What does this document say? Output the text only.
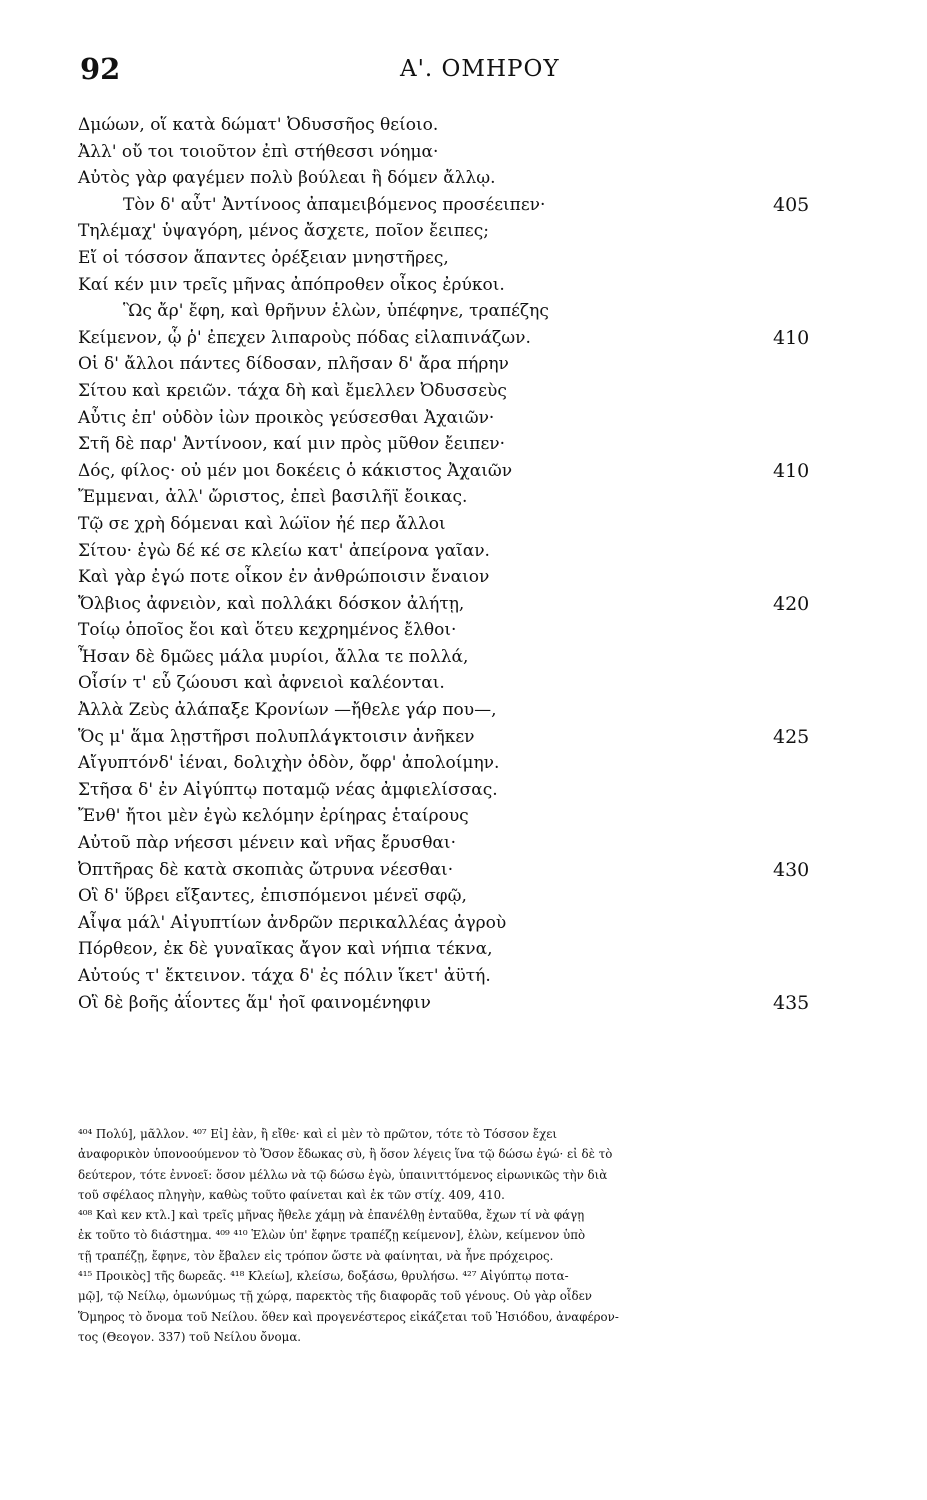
92	Α'. ΟΜΗΡΟΥ
Δμώων, οἵ κατὰ δώματ' Ὀδυσσῆος θείοιο.
Ἀλλ' οὔ τοι τοιοῦτον ἐπὶ στήθεσσι νόημα·
Αὐτὸς γὰρ φαγέμεν πολὺ βούλεαι ἢ δόμεν ἄλλῳ.
Τὸν δ' αὖτ' Ἀντίνοος ἀπαμειβόμενος προσέειπεν·	405
Τηλέμαχ' ὑψαγόρη, μένος ἄσχετε, ποῖον ἔειπες;
Εἴ οἱ τόσσον ἅπαντες ὀρέξειαν μνηστῆρες,
Καί κέν μιν τρεῖς μῆνας ἀπόπροθεν οἶκος ἐρύκοι.
Ὣς ἄρ' ἔφη, καὶ θρῆνυν ἑλὼν, ὑπέφηνε, τραπέζης
Κείμενον, ᾧ ῥ' ἐπεχεν λιπαροὺς πόδας εἰλαπινάζων.	410
Οἱ δ' ἄλλοι πάντες δίδοσαν, πλῆσαν δ' ἄρα πήρην
Σίτου καὶ κρειῶν. τάχα δὴ καὶ ἔμελλεν Ὀδυσσεὺς
Αὖτις ἐπ' οὐδὸν ἰὼν προικὸς γεύσεσθαι Ἀχαιῶν·
Στῆ δὲ παρ' Ἀντίνοον, καί μιν πρὸς μῦθον ἔειπεν·
Δός, φίλος· οὐ μέν μοι δοκέεις ὁ κάκιστος Ἀχαιῶν	410
Ἔμμεναι, ἀλλ' ὤριστος, ἐπεὶ βασιλῆϊ ἔοικας.
Τῷ σε χρὴ δόμεναι καὶ λώϊον ἠέ περ ἄλλοι
Σίτου· ἐγὼ δέ κέ σε κλείω κατ' ἀπείρονα γαῖαν.
Καὶ γὰρ ἐγώ ποτε οἶκον ἐν ἀνθρώποισιν ἔναιον
Ὄλβιος ἀφνειὸν, καὶ πολλάκι δόσκον ἀλήτῃ,	420
Τοίῳ ὁποῖος ἔοι καὶ ὅτευ κεχρημένος ἔλθοι·
Ἦσαν δὲ δμῶες μάλα μυρίοι, ἄλλα τε πολλά,
Οἷσίν τ' εὖ ζώουσι καὶ ἀφνειοὶ καλέονται.
Ἀλλὰ Ζεὺς ἀλάπαξε Κρονίων —ἤθελε γάρ που—,
Ὅς μ' ἅμα λῃστῆρσι πολυπλάγκτοισιν ἀνῆκεν	425
Αἴγυπτόνδ' ἰέναι, δολιχὴν ὁδὸν, ὄφρ' ἀπολοίμην.
Στῆσα δ' ἐν Αἰγύπτῳ ποταμῷ νέας ἀμφιελίσσας.
Ἔνθ' ἤτοι μὲν ἐγὼ κελόμην ἐρίηρας ἑταίρους
Αὐτοῦ πὰρ νήεσσι μένειν καὶ νῆας ἔρυσθαι·
Ὀπτῆρας δὲ κατὰ σκοπιὰς ὤτρυνα νέεσθαι·	430
Οἳ δ' ὕβρει εἴξαντες, ἐπισπόμενοι μένεϊ σφῷ,
Αἶψα μάλ' Αἰγυπτίων ἀνδρῶν περικαλλέας ἀγροὺ
Πόρθεον, ἐκ δὲ γυναῖκας ἄγον καὶ νήπια τέκνα,
Αὐτούς τ' ἔκτεινον. τάχα δ' ἐς πόλιν ἵκετ' ἀϋτή.
Οἳ δὲ βοῆς ἀΐοντες ἅμ' ἠοῖ φαινομένηφιν	435
⁴⁰⁴ Πολύ], μᾶλλον. ⁴⁰⁷ Εἰ] ἐὰν, ἢ εἴθε· καὶ εἰ μὲν τὸ πρῶτον, τότε τὸ Τόσσον ἔχει
ἀναφορικὸν ὑπονοούμενον τὸ Ὅσον ἔδωκας σὺ, ἢ ὅσον λέγεις ἵνα τῷ δώσω ἐγώ· εἰ δὲ τὸ
δεύτερον, τότε ἐννοεῖ: ὅσον μέλλω νὰ τῷ δώσω ἐγὼ, ὑπαινιττόμενος εἰρωνικῶς τὴν διὰ
τοῦ σφέλαος πληγὴν, καθὼς τοῦτο φαίνεται καὶ ἐκ τῶν στίχ. 409, 410.
⁴⁰⁸ Καὶ κεν κτλ.] καὶ τρεῖς μῆνας ἤθελε χάμῃ νὰ ἐπανέλθῃ ἐνταῦθα, ἔχων τί νὰ φάγῃ
ἐκ τοῦτο τὸ διάστημα. ⁴⁰⁹ ⁴¹⁰ Ἑλὼν ὑπ' ἔφηνε τραπέζῃ κείμενον], ἑλὼν, κείμενον ὑπὸ
τῇ τραπέζῃ, ἔφηνε, τὸν ἔβαλεν εἰς τρόπον ὥστε νὰ φαίνηται, νὰ ἦνε πρόχειρος.
⁴¹⁵ Προικὸς] τῆς δωρεᾶς. ⁴¹⁸ Κλείω], κλείσω, δοξάσω, θρυλήσω. ⁴²⁷ Αἰγύπτῳ ποτα-
μῷ], τῷ Νείλῳ, ὁμωνύμως τῇ χώρᾳ, παρεκτὸς τῆς διαφορᾶς τοῦ γένους. Οὐ γὰρ οἶδεν
Ὅμηρος τὸ ὄνομα τοῦ Νείλου. ὅθεν καὶ προγενέστερος εἰκάζεται τοῦ Ἡσιόδου, ἀναφέρον-
τος (Θεογον. 337) τοῦ Νείλου ὄνομα.
